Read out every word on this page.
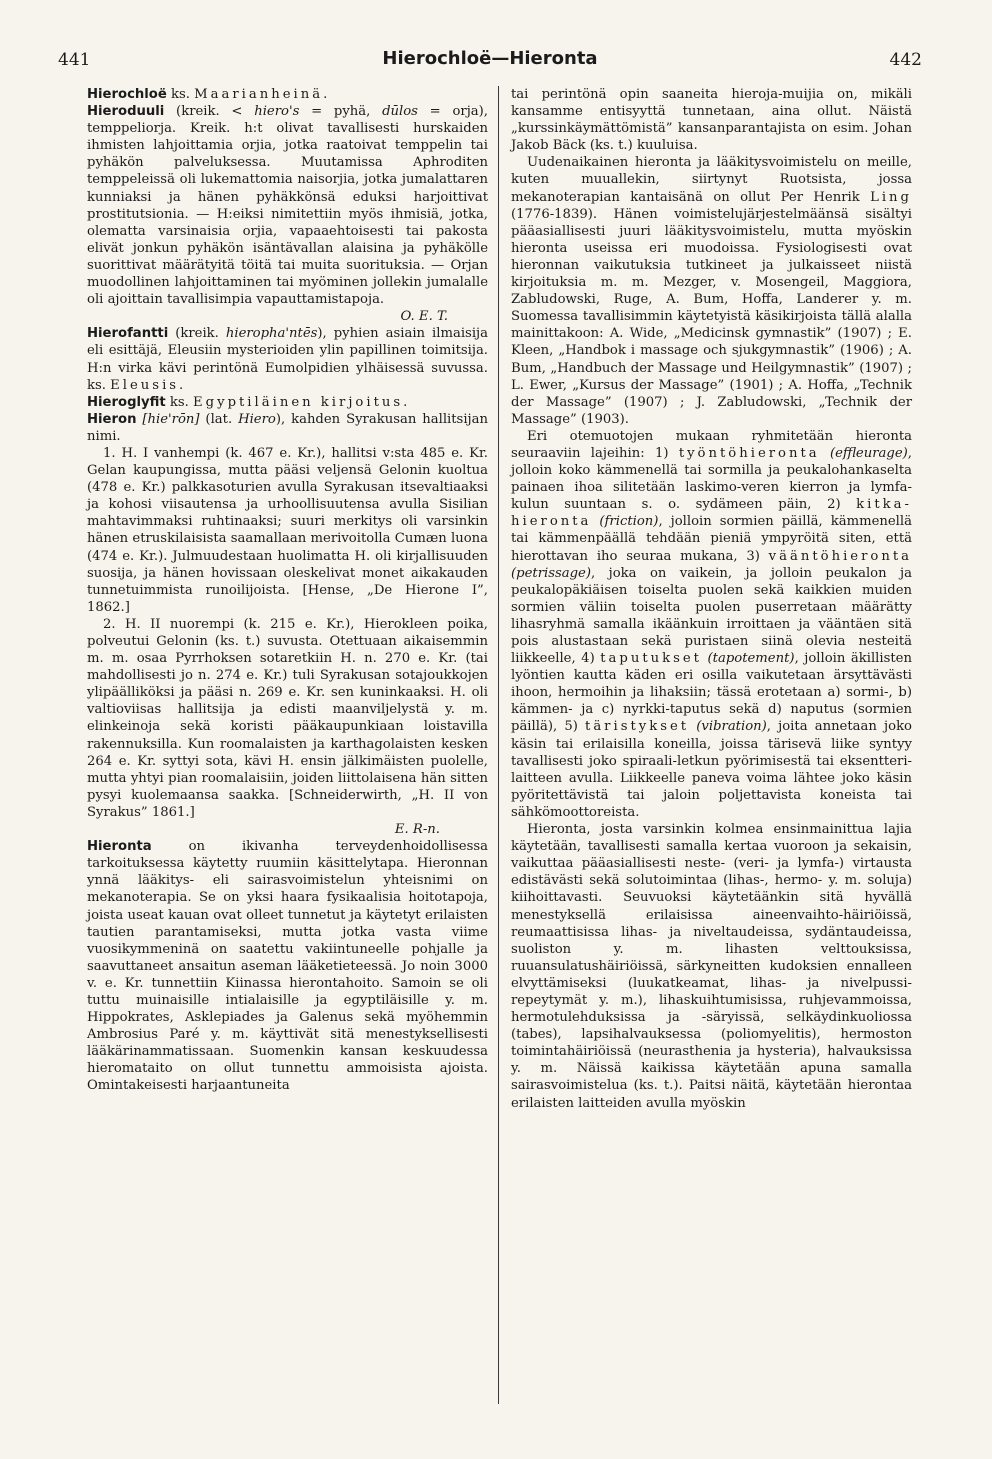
441	Hierochloë—Hieronta	442

Hierochloë ks. Maarianheinä.

Hieroduuli (kreik. < hiero's = pyhä, dūlos = orja), temppeliorja. Kreik. h:t olivat tavallisesti hurskaiden ihmisten lahjoittamia orjia, jotka raatoivat temppelin tai pyhäkön palveluksessa. Muutamissa Aphroditen temppeleissä oli lukemattomia naisorjia, jotka jumalattaren kunniaksi ja hänen pyhäkkönsä eduksi harjoittivat prostitutsionia. — H:eiksi nimitettiin myös ihmisiä, jotka, olematta varsinaisia orjia, vapaaehtoisesti tai pakosta elivät jonkun pyhäkön isäntävallan alaisina ja pyhäkölle suorittivat määrätyitä töitä tai muita suorituksia. — Orjan muodollinen lahjoittaminen tai myöminen jollekin jumalalle oli ajoittain tavallisimpia vapauttamistapoja.

O. E. T.

Hierofantti (kreik. hieropha'ntēs), pyhien asiain ilmaisija eli esittäjä, Eleusiin mysterioiden ylin papillinen toimitsija. H:n virka kävi perintönä Eumolpidien ylhäisessä suvussa. ks. Eleusis.

Hieroglyfit ks. Egyptiläinen kirjoitus.

Hieron [hie'rōn] (lat. Hiero), kahden Syrakusan hallitsijan nimi.

1. H. I vanhempi (k. 467 e. Kr.), hallitsi v:sta 485 e. Kr. Gelan kaupungissa, mutta pääsi veljensä Gelonin kuoltua (478 e. Kr.) palkkasoturien avulla Syrakusan itsevaltiaaksi ja kohosi viisautensa ja urhoollisuutensa avulla Sisilian mahtavimmaksi ruhtinaaksi; suuri merkitys oli varsinkin hänen etruskilaisista saamallaan merivoitolla Cumæn luona (474 e. Kr.). Julmuudestaan huolimatta H. oli kirjallisuuden suosija, ja hänen hovissaan oleskelivat monet aikakauden tunnetuimmista runoilijoista. [Hense, „De Hierone I”, 1862.]

2. H. II nuorempi (k. 215 e. Kr.), Hierokleen poika, polveutui Gelonin (ks. t.) suvusta. Otettuaan aikaisemmin m. m. osaa Pyrrhoksen sotaretkiin H. n. 270 e. Kr. (tai mahdollisesti jo n. 274 e. Kr.) tuli Syrakusan sotajoukkojen ylipäälliköksi ja pääsi n. 269 e. Kr. sen kuninkaaksi. H. oli valtioviisas hallitsija ja edisti maanviljelystä y. m. elinkeinoja sekä koristi pääkaupunkiaan loistavilla rakennuksilla. Kun roomalaisten ja karthagolaisten kesken 264 e. Kr. syttyi sota, kävi H. ensin jälkimäisten puolelle, mutta yhtyi pian roomalaisiin, joiden liittolaisena hän sitten pysyi kuolemaansa saakka. [Schneiderwirth, „H. II von Syrakus” 1861.]

E. R-n.

Hieronta on ikivanha terveydenhoidollisessa tarkoituksessa käytetty ruumiin käsittelytapa. Hieronnan ynnä lääkitys- eli sairasvoimistelun yhteisnimi on mekanoterapia. Se on yksi haara fysikaalisia hoitotapoja, joista useat kauan ovat olleet tunnetut ja käytetyt erilaisten tautien parantamiseksi, mutta jotka vasta viime vuosikymmeninä on saatettu vakiintuneelle pohjalle ja saavuttaneet ansaitun aseman lääketieteessä. Jo noin 3000 v. e. Kr. tunnettiin Kiinassa hierontahoito. Samoin se oli tuttu muinaisille intialaisille ja egyptiläisille y. m. Hippokrates, Asklepiades ja Galenus sekä myöhemmin Ambrosius Paré y. m. käyttivät sitä menestyksellisesti lääkärinammatissaan. Suomenkin kansan keskuudessa hieromataito on ollut tunnettu ammoisista ajoista. Omintakeisesti harjaantuneita

tai perintönä opin saaneita hieroja-muijia on, mikäli kansamme entisyyttä tunnetaan, aina ollut. Näistä „kurssinkäymättömistä” kansanparantajista on esim. Johan Jakob Bäck (ks. t.) kuuluisa.

Uudenaikainen hieronta ja lääkitysvoimistelu on meille, kuten muuallekin, siirtynyt Ruotsista, jossa mekanoterapian kantaisänä on ollut Per Henrik Ling (1776-1839). Hänen voimistelujärjestelmäänsä sisältyi pääasiallisesti juuri lääkitysvoimistelu, mutta myöskin hieronta useissa eri muodoissa. Fysiologisesti ovat hieronnan vaikutuksia tutkineet ja julkaisseet niistä kirjoituksia m. m. Mezger, v. Mosengeil, Maggiora, Zabludowski, Ruge, A. Bum, Hoffa, Landerer y. m. Suomessa tavallisimmin käytetyistä käsikirjoista tällä alalla mainittakoon: A. Wide, „Medicinsk gymnastik” (1907) ; E. Kleen, „Handbok i massage och sjukgymnastik” (1906) ; A. Bum, „Handbuch der Massage und Heilgymnastik” (1907) ; L. Ewer, „Kursus der Massage” (1901) ; A. Hoffa, „Technik der Massage” (1907) ; J. Zabludowski, „Technik der Massage” (1903).

Eri otemuotojen mukaan ryhmitetään hieronta seuraaviin lajeihin: 1) työntöhieronta (effleurage), jolloin koko kämmenellä tai sormilla ja peukalohankaselta painaen ihoa silitetään laskimo-veren kierron ja lymfa-kulun suuntaan s. o. sydämeen päin, 2) kitka-hieronta (friction), jolloin sormien päillä, kämmenellä tai kämmenpäällä tehdään pieniä ympyröitä siten, että hierottavan iho seuraa mukana, 3) vääntöhieronta (petrissage), joka on vaikein, ja jolloin peukalon ja peukalopäkiäisen toiselta puolen sekä kaikkien muiden sormien väliin toiselta puolen puserretaan määrätty lihasryhmä samalla ikäänkuin irroittaen ja vääntäen sitä pois alustastaan sekä puristaen siinä olevia nesteitä liikkeelle, 4) taputukset (tapotement), jolloin äkillisten lyöntien kautta käden eri osilla vaikutetaan ärsyttävästi ihoon, hermoihin ja lihaksiin; tässä erotetaan a) sormi-, b) kämmen- ja c) nyrkki-taputus sekä d) naputus (sormien päillä), 5) täristykset (vibration), joita annetaan joko käsin tai erilaisilla koneilla, joissa tärisevä liike syntyy tavallisesti joko spiraali-letkun pyörimisestä tai eksentteri-laitteen avulla. Liikkeelle paneva voima lähtee joko käsin pyöritettävistä tai jaloin poljettavista koneista tai sähkömoottoreista.

Hieronta, josta varsinkin kolmea ensinmainittua lajia käytetään, tavallisesti samalla kertaa vuoroon ja sekaisin, vaikuttaa pääasiallisesti neste- (veri- ja lymfa-) virtausta edistävästi sekä solutoimintaa (lihas-, hermo- y. m. soluja) kiihoittavasti. Seuvuoksi käytetäänkin sitä hyvällä menestyksellä erilaisissa aineenvaihto-häiriöissä, reumaattisissa lihas- ja niveltaudeissa, sydäntaudeissa, suoliston y. m. lihasten velttouksissa, ruuansulatushäiriöissä, särkyneitten kudoksien ennalleen elvyttämiseksi (luukatkeamat, lihas- ja nivelpussi-repeytymät y. m.), lihaskuihtumisissa, ruhjevammoissa, hermotulehduksissa ja -säryissä, selkäydinkuoliossa (tabes), lapsihalvauksessa (poliomyelitis), hermoston toimintahäiriöissä (neurasthenia ja hysteria), halvauksissa y. m. Näissä kaikissa käytetään apuna samalla sairasvoimistelua (ks. t.). Paitsi näitä, käytetään hierontaa erilaisten laitteiden avulla myöskin
